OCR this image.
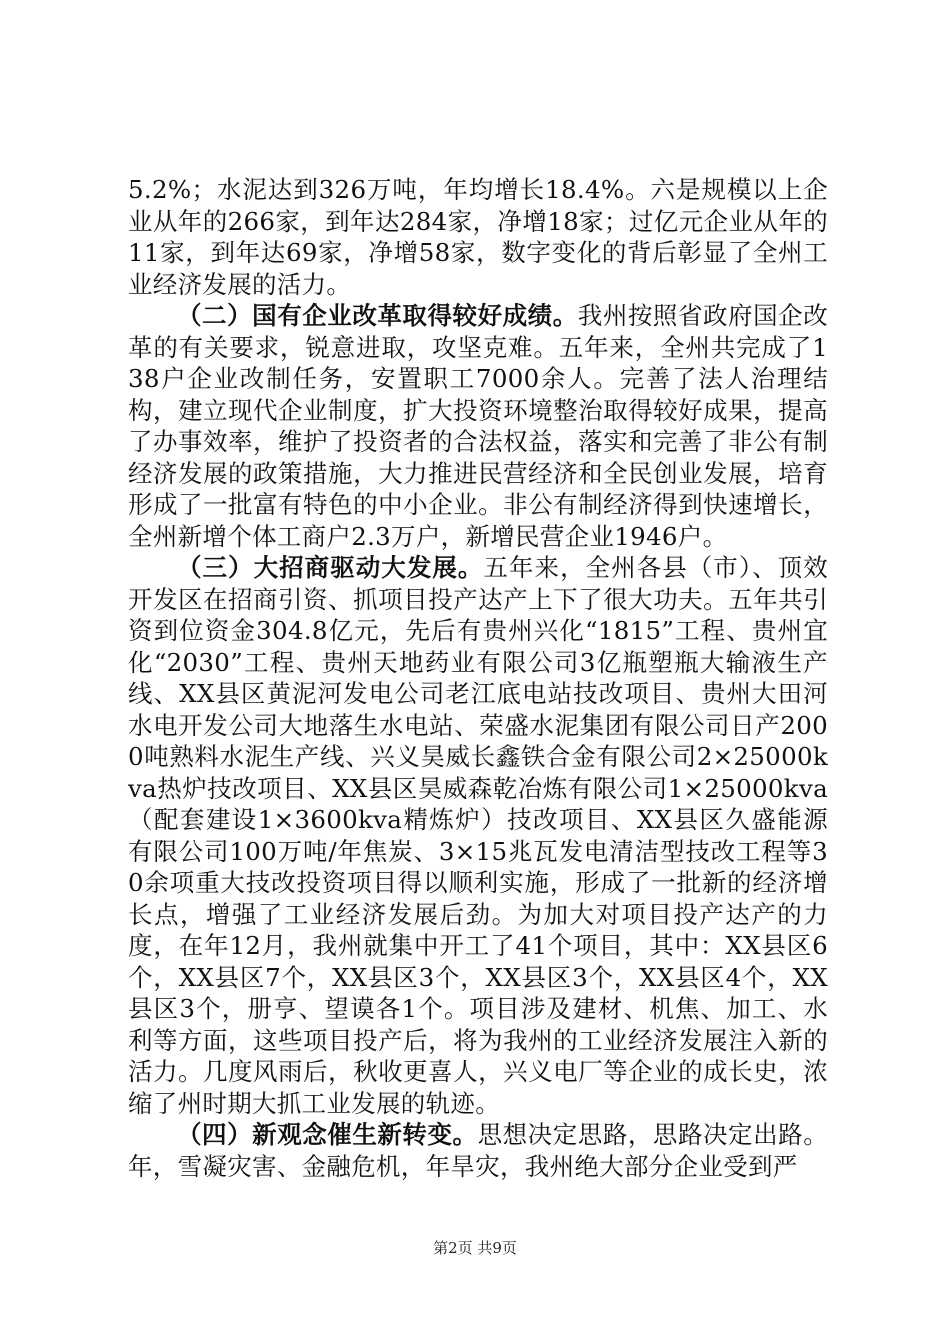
5.2%；水泥达到326万吨，年均增长18.4%。六是规模以上企业从年的266家，到年达284家，净增18家；过亿元企业从年的11家，到年达69家，净增58家，数字变化的背后彰显了全州工业经济发展的活力。

（二）国有企业改革取得较好成绩。我州按照省政府国企改革的有关要求，锐意进取，攻坚克难。五年来，全州共完成了138户企业改制任务，安置职工7000余人。完善了法人治理结构，建立现代企业制度，扩大投资环境整治取得较好成果，提高了办事效率，维护了投资者的合法权益，落实和完善了非公有制经济发展的政策措施，大力推进民营经济和全民创业发展，培育形成了一批富有特色的中小企业。非公有制经济得到快速增长，全州新增个体工商户2.3万户，新增民营企业1946户。

（三）大招商驱动大发展。五年来，全州各县（市）、顶效开发区在招商引资、抓项目投产达产上下了很大功夫。五年共引资到位资金304.8亿元，先后有贵州兴化“1815”工程、贵州宜化“2030”工程、贵州天地药业有限公司3亿瓶塑瓶大输液生产线、XX县区黄泥河发电公司老江底电站技改项目、贵州大田河水电开发公司大地落生水电站、荣盛水泥集团有限公司日产2000吨熟料水泥生产线、兴义昊威长鑫铁合金有限公司2×25000kva热炉技改项目、XX县区昊威森乾冶炼有限公司1×25000kva（配套建设1×3600kva精炼炉）技改项目、XX县区久盛能源有限公司100万吨/年焦炭、3×15兆瓦发电清洁型技改工程等30余项重大技改投资项目得以顺利实施，形成了一批新的经济增长点，增强了工业经济发展后劲。为加大对项目投产达产的力度，在年12月，我州就集中开工了41个项目，其中：XX县区6个，XX县区7个，XX县区3个，XX县区3个，XX县区4个，XX县区3个，册亨、望谟各1个。项目涉及建材、机焦、加工、水利等方面，这些项目投产后，将为我州的工业经济发展注入新的活力。几度风雨后，秋收更喜人，兴义电厂等企业的成长史，浓缩了州时期大抓工业发展的轨迹。

（四）新观念催生新转变。思想决定思路，思路决定出路。年，雪凝灾害、金融危机，年旱灾，我州绝大部分企业受到严

第2页 共9页
